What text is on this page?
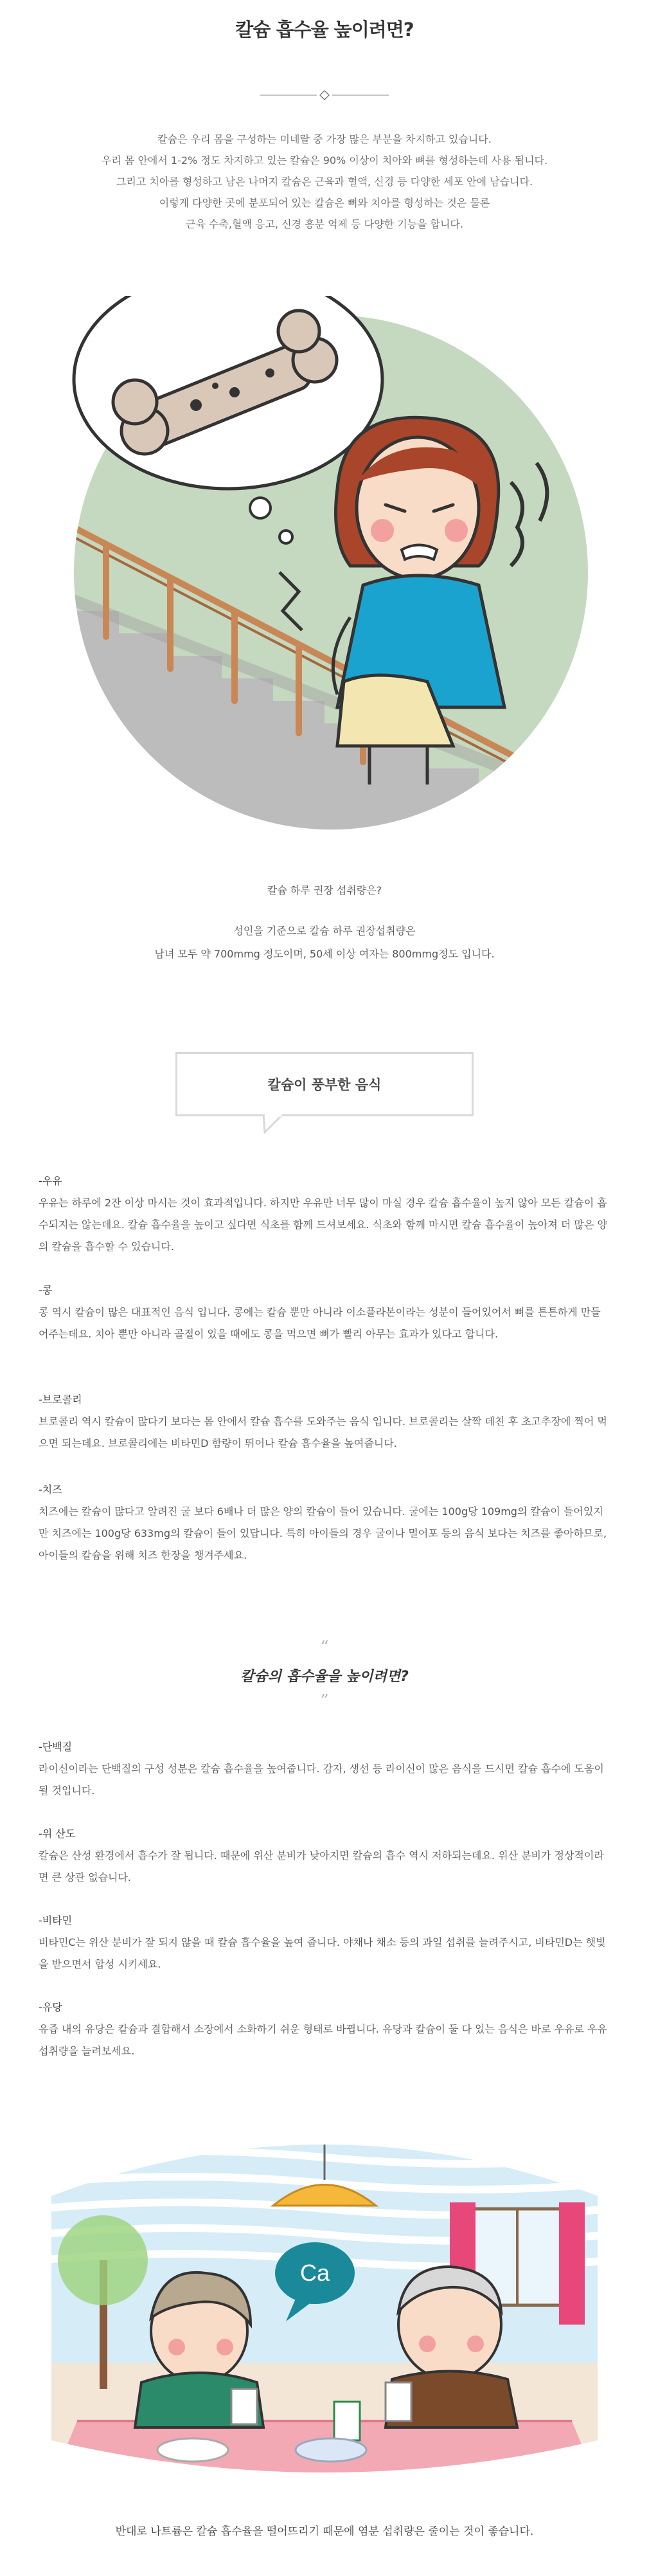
칼슘 흡수율 높이려면?
칼슘은 우리 몸을 구성하는 미네랄 중 가장 많은 부분을 차지하고 있습니다.
우리 몸 안에서 1-2% 정도 차지하고 있는 칼슘은 90% 이상이 치아와 뼈를 형성하는데 사용 됩니다.
그리고 치아를 형성하고 남은 나머지 칼슘은 근육과 혈액, 신경 등 다양한 세포 안에 남습니다.
이렇게 다양한 곳에 분포되어 있는 칼슘은 뼈와 치아를 형성하는 것은 물론
근육 수축,혈액 응고, 신경 흥분 억제 등 다양한 기능을 합니다.
칼슘 하루 권장 섭취량은?
성인을 기준으로 칼슘 하루 권장섭취량은
남녀 모두 약 700mmg 정도이며, 50세 이상 여자는 800mmg정도 입니다.
칼슘이 풍부한 음식
-우유
우유는 하루에 2잔 이상 마시는 것이 효과적입니다. 하지만 우유만 너무 많이 마실 경우 칼슘 흡수율이 높지 않아 모든 칼슘이 흡수되지는 않는데요. 칼슘 흡수율을 높이고 싶다면 식초를 함께 드셔보세요. 식초와 함께 마시면 칼슘 흡수율이 높아져 더 많은 양의 칼슘을 흡수할 수 있습니다.
-콩
콩 역시 칼슘이 많은 대표적인 음식 입니다. 콩에는 칼슘 뿐만 아니라 이소플라본이라는 성분이 들어있어서 뼈를 튼튼하게 만들어주는데요. 치아 뿐만 아니라 골절이 있을 때에도 콩을 먹으면 뼈가 빨리 아무는 효과가 있다고 합니다.
-브로콜리
브로콜리 역시 칼슘이 많다기 보다는 몸 안에서 칼슘 흡수를 도와주는 음식 입니다. 브로콜리는 살짝 데친 후 초고추장에 찍어 먹으면 되는데요. 브로콜리에는 비타민D 함량이 뛰어나 칼슘 흡수율을 높여줍니다.
-치즈
치즈에는 칼슘이 많다고 알려진 굴 보다 6배나 더 많은 양의 칼슘이 들어 있습니다. 굴에는 100g당 109mg의 칼슘이 들어있지만 치즈에는 100g당 633mg의 칼슘이 들어 있답니다. 특히 아이들의 경우 굴이나 멸어포 등의 음식 보다는 치즈를 좋아하므로, 아이들의 칼슘을 위해 치즈 한장을 챙겨주세요.
“
칼슘의 흡수율을 높이려면?
”
-단백질
라이신이라는 단백질의 구성 성분은 칼슘 흡수율을 높여줍니다. 감자, 생선 등 라이신이 많은 음식을 드시면 칼슘 흡수에 도움이 될 것입니다.
-위 산도
칼슘은 산성 환경에서 흡수가 잘 됩니다. 때문에 위산 분비가 낮아지면 칼슘의 흡수 역시 저하되는데요. 위산 분비가 정상적이라면 큰 상관 없습니다.
-비타민
비타민C는 위산 분비가 잘 되지 않을 때 칼슘 흡수율을 높여 줍니다. 야채나 채소 등의 과일 섭취를 늘려주시고, 비타민D는 햇빛을 받으면서 합성 시키세요.
-유당
유즙 내의 유당은 칼슘과 결합해서 소장에서 소화하기 쉬운 형태로 바뀝니다. 유당과 칼슘이 둘 다 있는 음식은 바로 우유로 우유 섭취량을 늘려보세요.
Ca
반대로 나트륨은 칼슘 흡수율을 떨어뜨리기 때문에 염분 섭취량은 줄이는 것이 좋습니다.
